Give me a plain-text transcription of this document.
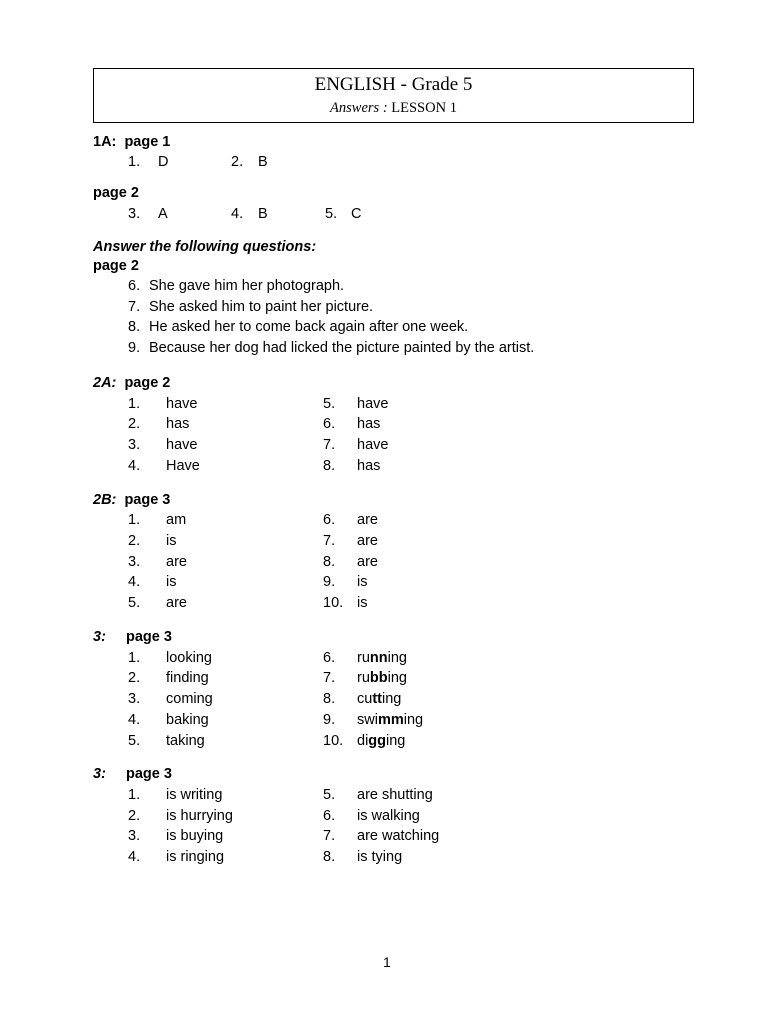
ENGLISH - Grade 5
Answers : LESSON 1
1A: page 1
1. D	2. B
page 2
3. A	4. B	5. C
Answer the following questions:
page 2
6. She gave him her photograph.
7. She asked him to paint her picture.
8. He asked her to come back again after one week.
9. Because her dog had licked the picture painted by the artist.
2A: page 2
1. have	5. have
2. has	6. has
3. have	7. have
4. Have	8. has
2B: page 3
1. am	6. are
2. is	7. are
3. are	8. are
4. is	9. is
5. are	10. is
3: page 3
1. looking	6. running
2. finding	7. rubbing
3. coming	8. cutting
4. baking	9. swimming
5. taking	10. digging
3: page 3
1. is writing	5. are shutting
2. is hurrying	6. is walking
3. is buying	7. are watching
4. is ringing	8. is tying
1
